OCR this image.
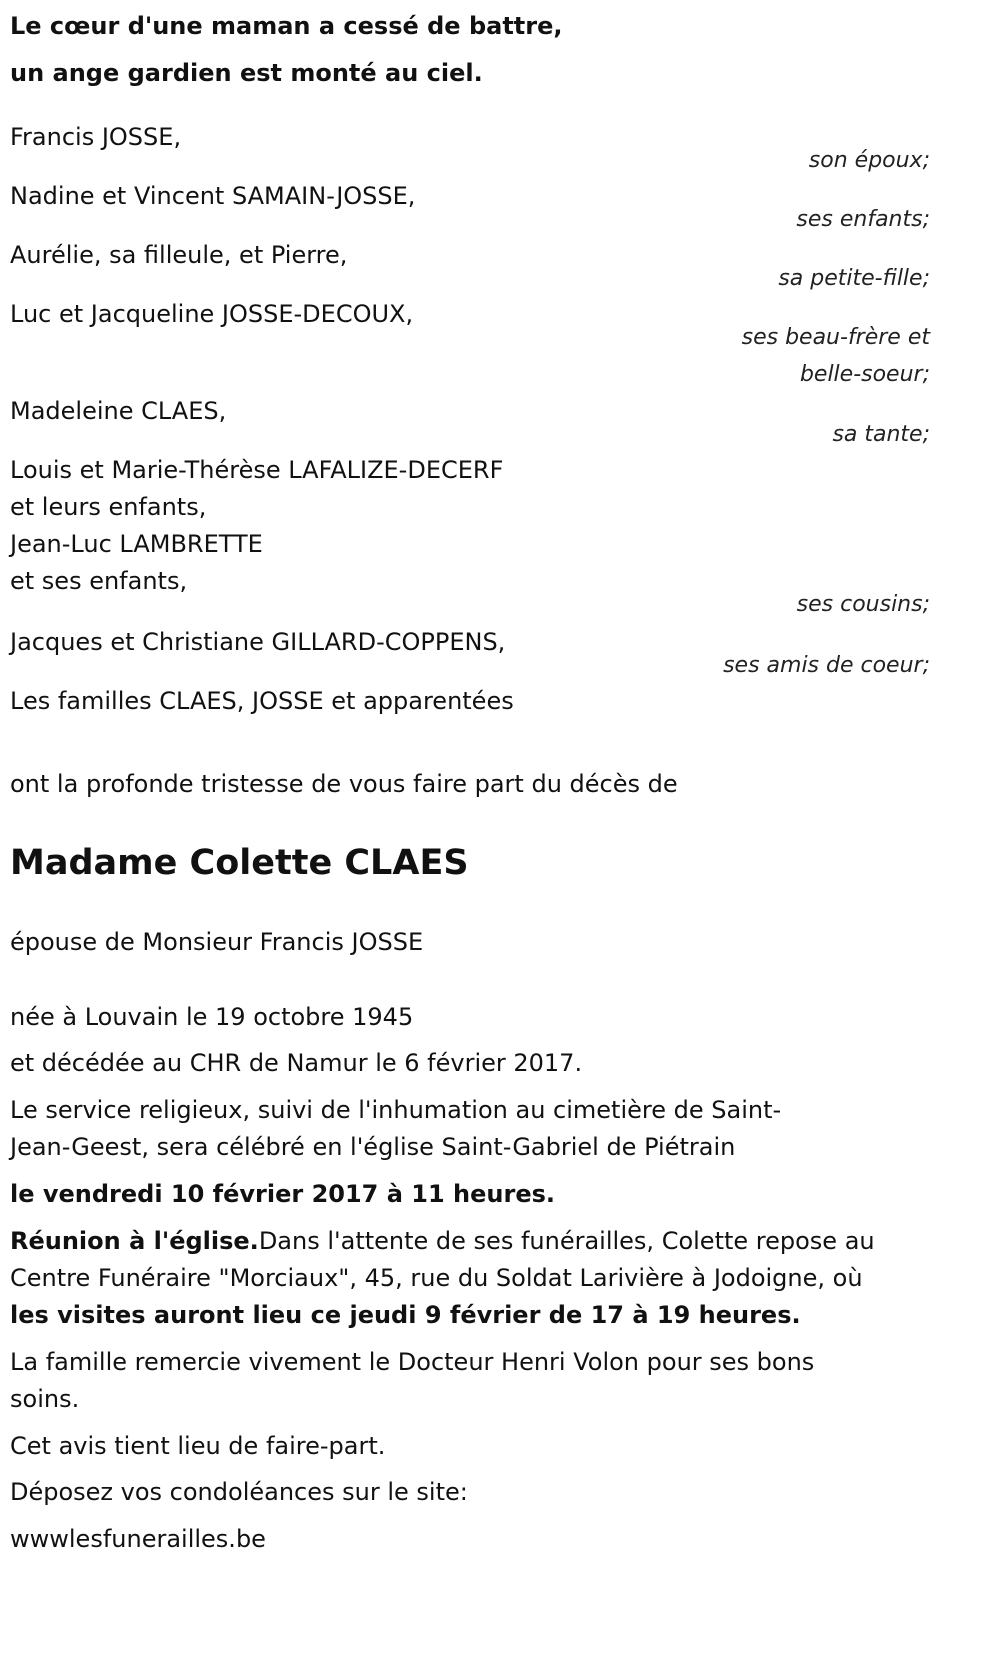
Le cœur d'une maman a cessé de battre,

un ange gardien est monté au ciel.

Francis JOSSE,

son époux;

Nadine et Vincent SAMAIN-JOSSE,

ses enfants;

Aurélie, sa filleule, et Pierre,

sa petite-fille;

Luc et Jacqueline JOSSE-DECOUX,

ses beau-frère et

belle-soeur;

Madeleine CLAES,

sa tante;

Louis et Marie-Thérèse LAFALIZE-DECERF

et leurs enfants,

Jean-Luc LAMBRETTE

et ses enfants,

ses cousins;

Jacques et Christiane GILLARD-COPPENS,

ses amis de coeur;

Les familles CLAES, JOSSE et apparentées

ont la profonde tristesse de vous faire part du décès de

Madame Colette CLAES

épouse de Monsieur Francis JOSSE

née à Louvain le 19 octobre 1945

et décédée au CHR de Namur le 6 février 2017.

Le service religieux, suivi de l'inhumation au cimetière de Saint-

Jean-Geest, sera célébré en l'église Saint-Gabriel de Piétrain

le vendredi 10 février 2017 à 11 heures.

Réunion à l'église.Dans l'attente de ses funérailles, Colette repose au

Centre Funéraire "Morciaux", 45, rue du Soldat Larivière à Jodoigne, où

les visites auront lieu ce jeudi 9 février de 17 à 19 heures.

La famille remercie vivement le Docteur Henri Volon pour ses bons

soins.

Cet avis tient lieu de faire-part.

Déposez vos condoléances sur le site:

wwwlesfunerailles.be
